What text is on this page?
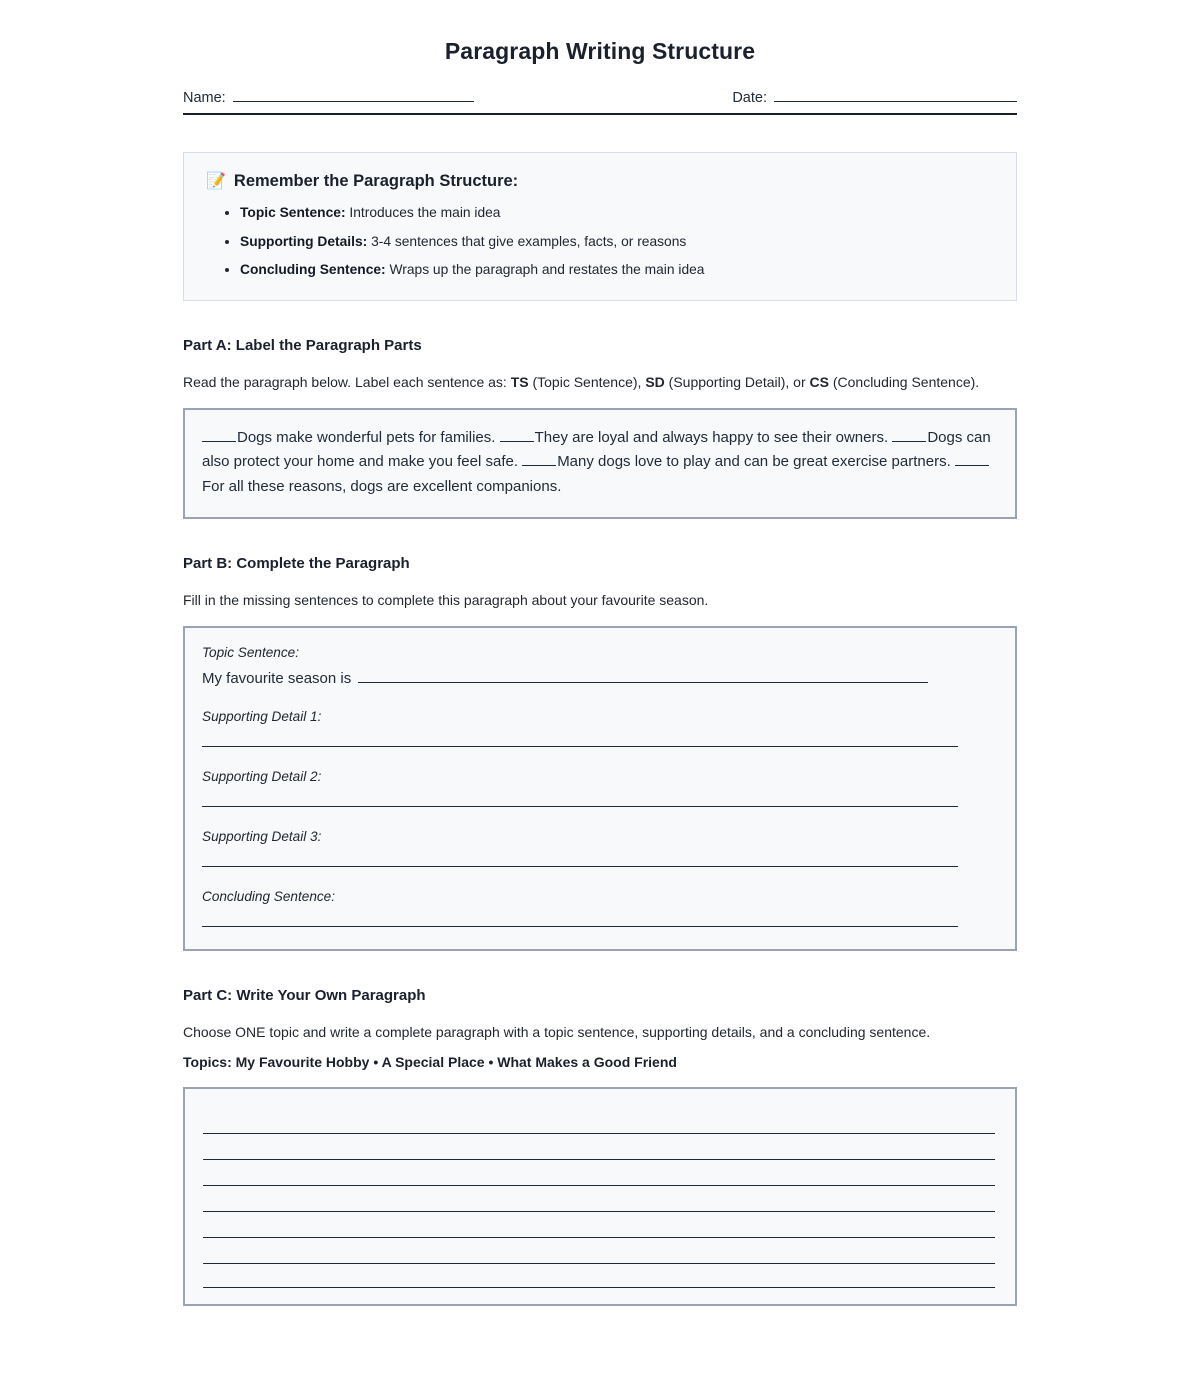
Paragraph Writing Structure
Name:	Date:
📝 Remember the Paragraph Structure:
• Topic Sentence: Introduces the main idea
• Supporting Details: 3-4 sentences that give examples, facts, or reasons
• Concluding Sentence: Wraps up the paragraph and restates the main idea
Part A: Label the Paragraph Parts

Read the paragraph below. Label each sentence as: TS (Topic Sentence), SD (Supporting Detail), or CS (Concluding Sentence).

Dogs make wonderful pets for families.	They are loyal and always happy to see their owners.	Dogs can also protect your home and make you feel safe.	Many dogs love to play and can be great exercise partners. For all these reasons, dogs are excellent companions.

Part B: Complete the Paragraph

Fill in the missing sentences to complete this paragraph about your favourite season.

Topic Sentence:

My favourite season is

Supporting Detail 1:

Supporting Detail 2:

Supporting Detail 3:

Concluding Sentence:

Part C: Write Your Own Paragraph

Choose ONE topic and write a complete paragraph with a topic sentence, supporting details, and a concluding sentence.

Topics: My Favourite Hobby • A Special Place • What Makes a Good Friend
